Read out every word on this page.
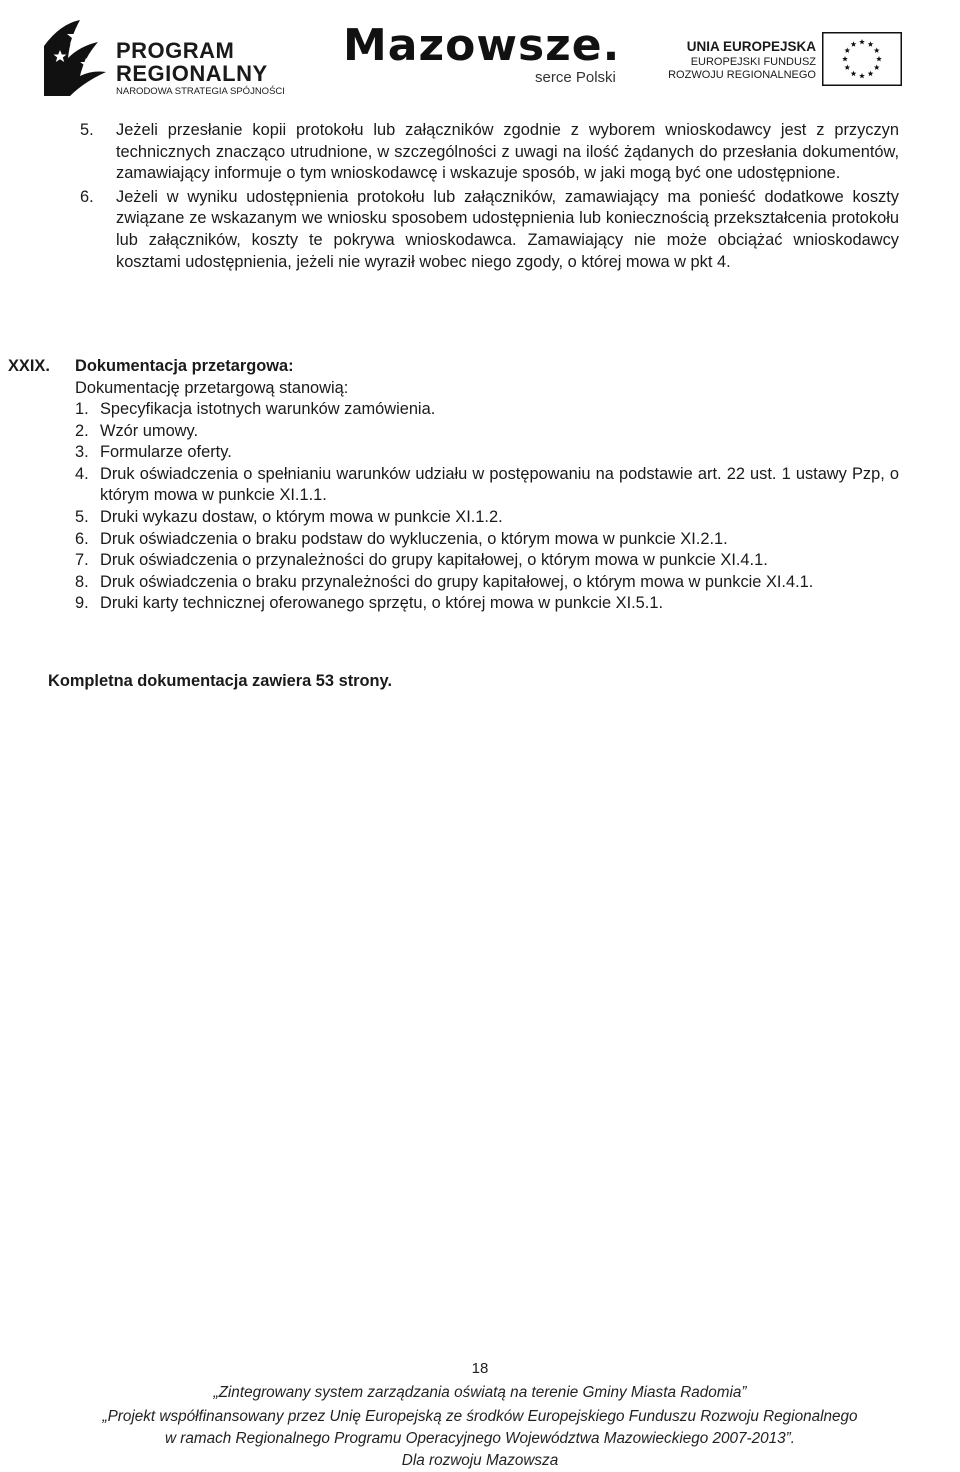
PROGRAM
REGIONALNY
NARODOWA STRATEGIA SPÓJNOŚCI
Mazowsze.
serce Polski
UNIA EUROPEJSKA
EUROPEJSKI FUNDUSZ
ROZWOJU REGIONALNEGO
5. Jeżeli przesłanie kopii protokołu lub załączników zgodnie z wyborem wnioskodawcy jest z przyczyn technicznych znacząco utrudnione, w szczególności z uwagi na ilość żądanych do przesłania dokumentów, zamawiający informuje o tym wnioskodawcę i wskazuje sposób, w jaki mogą być one udostępnione.
6. Jeżeli w wyniku udostępnienia protokołu lub załączników, zamawiający ma ponieść dodatkowe koszty związane ze wskazanym we wniosku sposobem udostępnienia lub koniecznością przekształcenia protokołu lub załączników, koszty te pokrywa wnioskodawca. Zamawiający nie może obciążać wnioskodawcy kosztami udostępnienia, jeżeli nie wyraził wobec niego zgody, o której mowa w pkt 4.
XXIX. Dokumentacja przetargowa:
Dokumentację przetargową stanowią:
1. Specyfikacja istotnych warunków zamówienia.
2. Wzór umowy.
3. Formularze oferty.
4. Druk oświadczenia o spełnianiu warunków udziału w postępowaniu na podstawie art. 22 ust. 1 ustawy Pzp, o którym mowa w punkcie XI.1.1.
5. Druki wykazu dostaw, o którym mowa w punkcie XI.1.2.
6. Druk oświadczenia o braku podstaw do wykluczenia, o którym mowa w punkcie XI.2.1.
7. Druk oświadczenia o przynależności do grupy kapitałowej, o którym mowa w punkcie XI.4.1.
8. Druk oświadczenia o braku przynależności do grupy kapitałowej, o którym mowa w punkcie XI.4.1.
9. Druki karty technicznej oferowanego sprzętu, o której mowa w punkcie XI.5.1.
Kompletna dokumentacja zawiera 53 strony.
18
„Zintegrowany system zarządzania oświatą na terenie Gminy Miasta Radomia”
„Projekt współfinansowany przez Unię Europejską ze środków Europejskiego Funduszu Rozwoju Regionalnego
w ramach Regionalnego Programu Operacyjnego Województwa Mazowieckiego 2007-2013”.
Dla rozwoju Mazowsza
